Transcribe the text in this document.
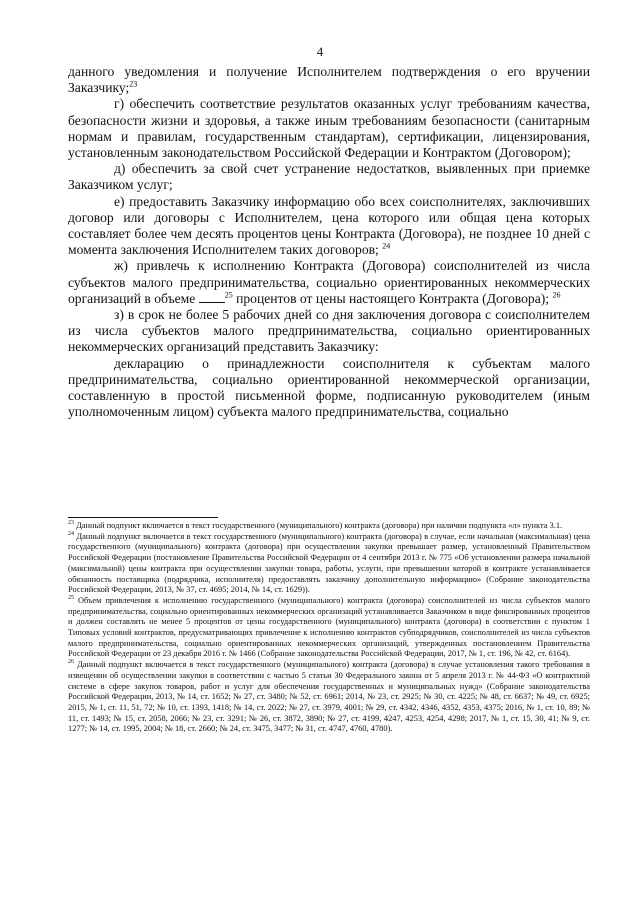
4

данного уведомления и получение Исполнителем подтверждения о его вручении Заказчику;$^{23}$

г) обеспечить соответствие результатов оказанных услуг требованиям качества, безопасности жизни и здоровья, а также иным требованиям безопасности (санитарным нормам и правилам, государственным стандартам), сертификации, лицензирования, установленным законодательством Российской Федерации и Контрактом (Договором);

д) обеспечить за свой счет устранение недостатков, выявленных при приемке Заказчиком услуг;

е) предоставить Заказчику информацию обо всех соисполнителях, заключивших договор или договоры с Исполнителем, цена которого или общая цена которых составляет более чем десять процентов цены Контракта (Договора), не позднее 10 дней с момента заключения Исполнителем таких договоров; $^{24}$

ж) привлечь к исполнению Контракта (Договора) соисполнителей из числа субъектов малого предпринимательства, социально ориентированных некоммерческих организаций в объеме	$^{25}$ процентов от цены настоящего Контракта (Договора); $^{26}$

з) в срок не более 5 рабочих дней со дня заключения договора с соисполнителем из числа субъектов малого предпринимательства, социально ориентированных некоммерческих организаций представить Заказчику:

декларацию о принадлежности соисполнителя к субъектам малого предпринимательства, социально ориентированной некоммерческой организации, составленную в простой письменной форме, подписанную руководителем (иным уполномоченным лицом) субъекта малого предпринимательства, социально

$^{23}$ Данный подпункт включается в текст государственного (муниципального) контракта (договора) при наличии подпункта «л» пункта 3.1.

$^{24}$ Данный подпункт включается в текст государственного (муниципального) контракта (договора) в случае, если начальная (максимальная) цена государственного (муниципального) контракта (договора) при осуществлении закупки превышает размер, установленный Правительством Российской Федерации (постановление Правительства Российской Федерации от 4 сентября 2013 г. № 775 «Об установлении размера начальной (максимальной) цены контракта при осуществлении закупки товара, работы, услуги, при превышении которой в контракте устанавливается обязанность поставщика (подрядчика, исполнителя) предоставлять заказчику дополнительную информацию» (Собрание законодательства Российской Федерации, 2013, № 37, ст. 4695; 2014, № 14, ст. 1629)).

$^{25}$ Объем привлечения к исполнению государственного (муниципального) контракта (договора) соисполнителей из числа субъектов малого предпринимательства, социально ориентированных некоммерческих организаций устанавливается Заказчиком в виде фиксированных процентов и должен составлять не менее 5 процентов от цены государственного (муниципального) контракта (договора) в соответствии с пунктом 1 Типовых условий контрактов, предусматривающих привлечение к исполнению контрактов субподрядчиков, соисполнителей из числа субъектов малого предпринимательства, социально ориентированных некоммерческих организаций, утвержденных постановлением Правительства Российской Федерации от 23 декабря 2016 г. № 1466 (Собрание законодательства Российской Федерации, 2017, № 1, ст. 196, № 42, ст. 6164).

$^{26}$ Данный подпункт включается в текст государственного (муниципального) контракта (договора) в случае установления такого требования в извещении об осуществлении закупки в соответствии с частью 5 статьи 30 Федерального закона от 5 апреля 2013 г. № 44-ФЗ «О контрактной системе в сфере закупок товаров, работ и услуг для обеспечения государственных и муниципальных нужд» (Собрание законодательства Российской Федерации, 2013, № 14, ст. 1652; № 27, ст. 3480; № 52, ст. 6961; 2014, № 23, ст. 2925; № 30, ст. 4225; № 48, ст. 6637; № 49, ст. 6925; 2015, № 1, ст. 11, 51, 72; № 10, ст. 1393, 1418; № 14, ст. 2022; № 27, ст. 3979, 4001; № 29, ст. 4342, 4346, 4352, 4353, 4375; 2016, № 1, ст. 10, 89; № 11, ст. 1493; № 15, ст. 2058, 2066; № 23, ст. 3291; № 26, ст. 3872, 3890; № 27, ст. 4199, 4247, 4253, 4254, 4298; 2017, № 1, ст. 15, 30, 41; № 9, ст. 1277; № 14, ст. 1995, 2004; № 18, ст. 2660; № 24, ст. 3475, 3477; № 31, ст. 4747, 4760, 4780).
